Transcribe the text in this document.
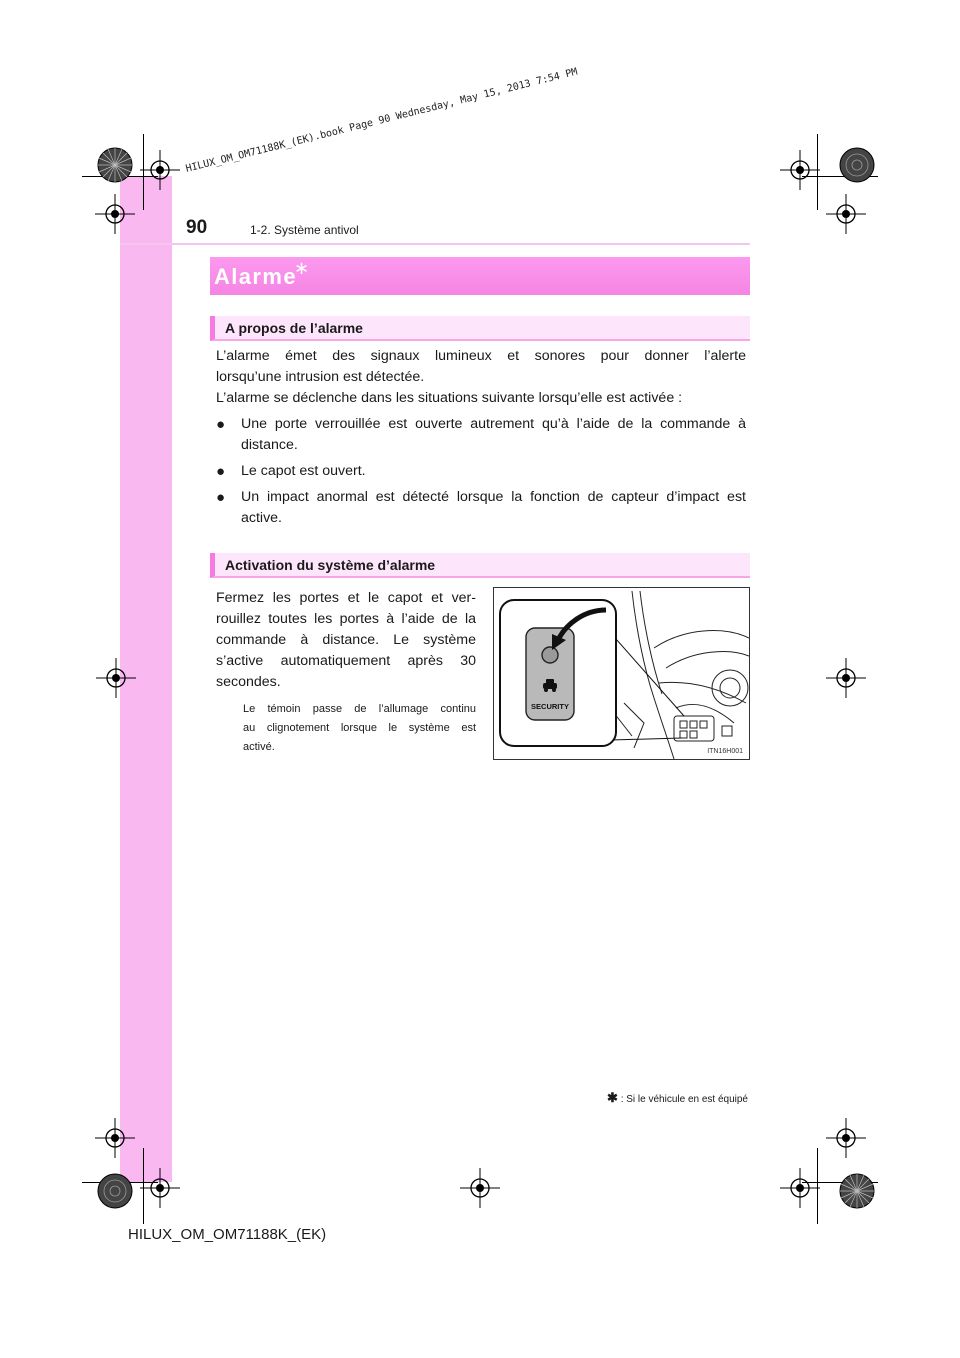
HILUX_OM_OM71188K_(EK).book Page 90 Wednesday, May 15, 2013 7:54 PM
90	1-2. Système antivol
Alarme
∗
A propos de l’alarme
L’alarme émet des signaux lumineux et sonores pour donner l’alerte
lorsqu’une intrusion est détectée.
L’alarme se déclenche dans les situations suivante lorsqu’elle est activée :
● Une porte verrouillée est ouverte autrement qu’à l’aide de la commande à
distance.
● Le capot est ouvert.
● Un impact anormal est détecté lorsque la fonction de capteur d’impact est
active.
Activation du système d’alarme
Fermez les portes et le capot et ver-
rouillez toutes les portes à l’aide de la
commande à distance. Le système
s’active automatiquement après 30
secondes.
Le témoin passe de l’allumage continu
au clignotement lorsque le système est
activé.
SECURITY
ITN16H001
✱ : Si le véhicule en est équipé
HILUX_OM_OM71188K_(EK)
